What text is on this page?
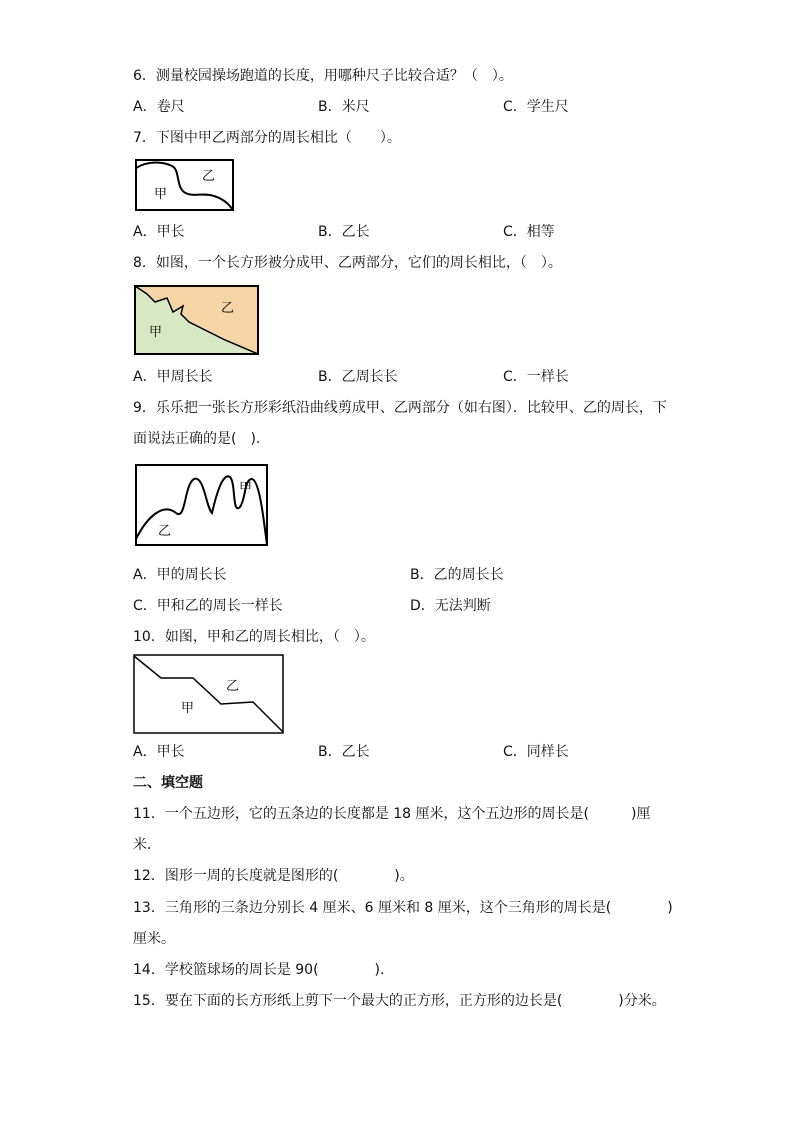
6．测量校园操场跑道的长度，用哪种尺子比较合适？（　）。
A．卷尺	B．米尺	C．学生尺
7．下图中甲乙两部分的周长相比（　　）。
甲
乙
A．甲长	B．乙长	C．相等
8．如图，一个长方形被分成甲、乙两部分，它们的周长相比，（　）。
甲
乙
A．甲周长长	B．乙周长长	C．一样长
9．乐乐把一张长方形彩纸沿曲线剪成甲、乙两部分（如右图）．比较甲、乙的周长，下
面说法正确的是(　).
甲
乙
A．甲的周长长	B．乙的周长长
C．甲和乙的周长一样长	D．无法判断
10．如图，甲和乙的周长相比，（　）。
甲
乙
A．甲长	B．乙长	C．同样长
二、填空题
11．一个五边形，它的五条边的长度都是 18 厘米，这个五边形的周长是(　　　)厘
米．
12．图形一周的长度就是图形的(　　　　)。
13．三角形的三条边分别长 4 厘米、6 厘米和 8 厘米，这个三角形的周长是(　　　　)
厘米。
14．学校篮球场的周长是 90(　　　　)．
15．要在下面的长方形纸上剪下一个最大的正方形，正方形的边长是(　　　　)分米。
